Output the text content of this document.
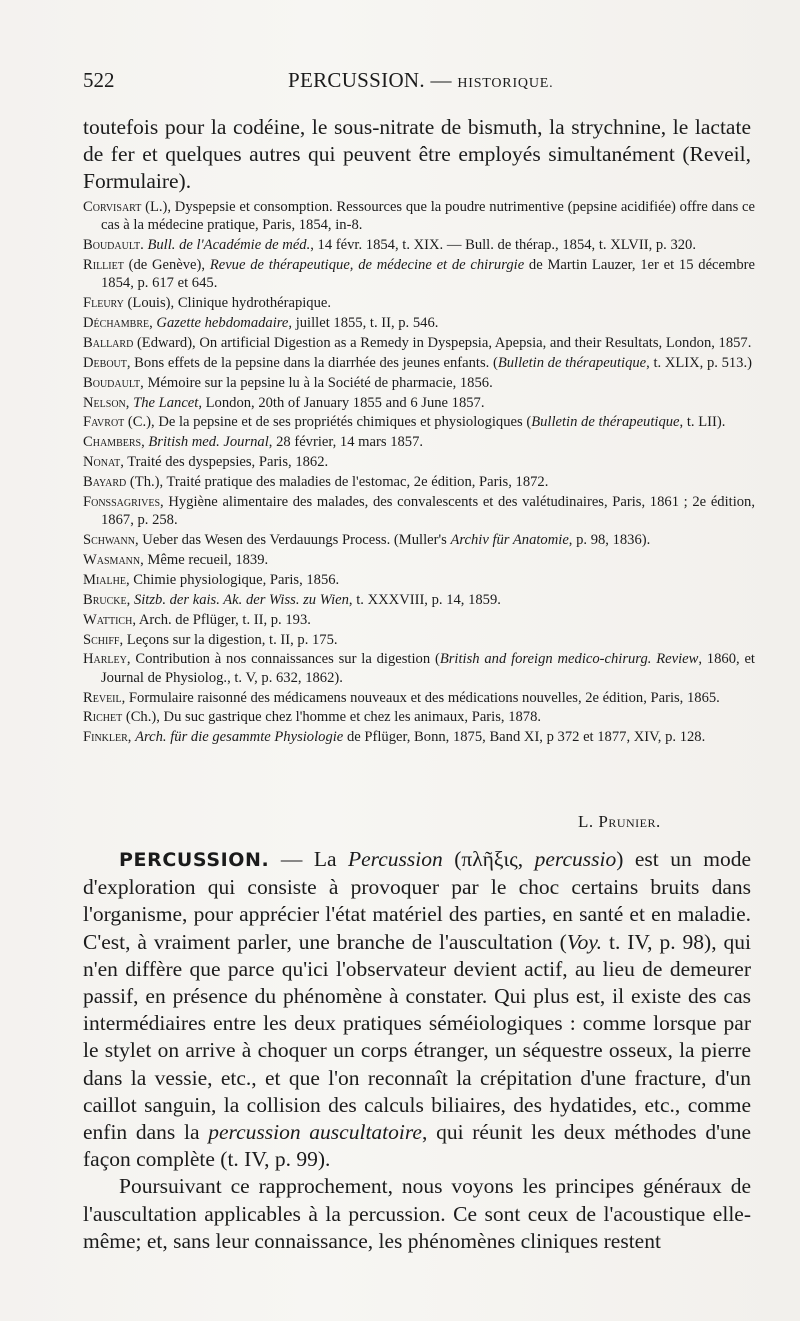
522	PERCUSSION. — HISTORIQUE.
toutefois pour la codéine, le sous-nitrate de bismuth, la strychnine, le lactate de fer et quelques autres qui peuvent être employés simultanément (Reveil, Formulaire).
Corvisart (L.), Dyspepsie et consomption. Ressources que la poudre nutrimentive (pepsine acidifiée) offre dans ce cas à la médecine pratique, Paris, 1854, in-8.
Boudault. Bull. de l'Académie de méd., 14 févr. 1854, t. XIX. — Bull. de thérap., 1854, t. XLVII, p. 320.
Rilliet (de Genève), Revue de thérapeutique, de médecine et de chirurgie de Martin Lauzer, 1er et 15 décembre 1854, p. 617 et 645.
Fleury (Louis), Clinique hydrothérapique.
Déchambre, Gazette hebdomadaire, juillet 1855, t. II, p. 546.
Ballard (Edward), On artificial Digestion as a Remedy in Dyspepsia, Apepsia, and their Resultats, London, 1857.
Debout, Bons effets de la pepsine dans la diarrhée des jeunes enfants. (Bulletin de thérapeutique, t. XLIX, p. 513.)
Boudault, Mémoire sur la pepsine lu à la Société de pharmacie, 1856.
Nelson, The Lancet, London, 20th of January 1855 and 6 June 1857.
Favrot (C.), De la pepsine et de ses propriétés chimiques et physiologiques (Bulletin de thérapeutique, t. LII).
Chambers, British med. Journal, 28 février, 14 mars 1857.
Nonat, Traité des dyspepsies, Paris, 1862.
Bayard (Th.), Traité pratique des maladies de l'estomac, 2e édition, Paris, 1872.
Fonssagrives, Hygiène alimentaire des malades, des convalescents et des valétudinaires, Paris, 1861 ; 2e édition, 1867, p. 258.
Schwann, Ueber das Wesen des Verdauungs Process. (Muller's Archiv für Anatomie, p. 98, 1836).
Wasmann, Même recueil, 1839.
Mialhe, Chimie physiologique, Paris, 1856.
Brucke, Sitzb. der kais. Ak. der Wiss. zu Wien, t. XXXVIII, p. 14, 1859.
Wattich, Arch. de Pflüger, t. II, p. 193.
Schiff, Leçons sur la digestion, t. II, p. 175.
Harley, Contribution à nos connaissances sur la digestion (British and foreign medico-chirurg. Review, 1860, et Journal de Physiolog., t. V, p. 632, 1862).
Reveil, Formulaire raisonné des médicamens nouveaux et des médications nouvelles, 2e édition, Paris, 1865.
Richet (Ch.), Du suc gastrique chez l'homme et chez les animaux, Paris, 1878.
Finkler, Arch. für die gesammte Physiologie de Pflüger, Bonn, 1875, Band XI, p 372 et 1877, XIV, p. 128.
L. Prunier.

PERCUSSION. — La Percussion (πλῆξις, percussio) est un mode d'exploration qui consiste à provoquer par le choc certains bruits dans l'organisme, pour apprécier l'état matériel des parties, en santé et en maladie. C'est, à vraiment parler, une branche de l'auscultation (Voy. t. IV, p. 98), qui n'en diffère que parce qu'ici l'observateur devient actif, au lieu de demeurer passif, en présence du phénomène à constater. Qui plus est, il existe des cas intermédiaires entre les deux pratiques séméiologiques : comme lorsque par le stylet on arrive à choquer un corps étranger, un séquestre osseux, la pierre dans la vessie, etc., et que l'on reconnaît la crépitation d'une fracture, d'un caillot sanguin, la collision des calculs biliaires, des hydatides, etc., comme enfin dans la percussion auscultatoire, qui réunit les deux méthodes d'une façon complète (t. IV, p. 99).

Poursuivant ce rapprochement, nous voyons les principes généraux de l'auscultation applicables à la percussion. Ce sont ceux de l'acoustique elle-même; et, sans leur connaissance, les phénomènes cliniques restent
